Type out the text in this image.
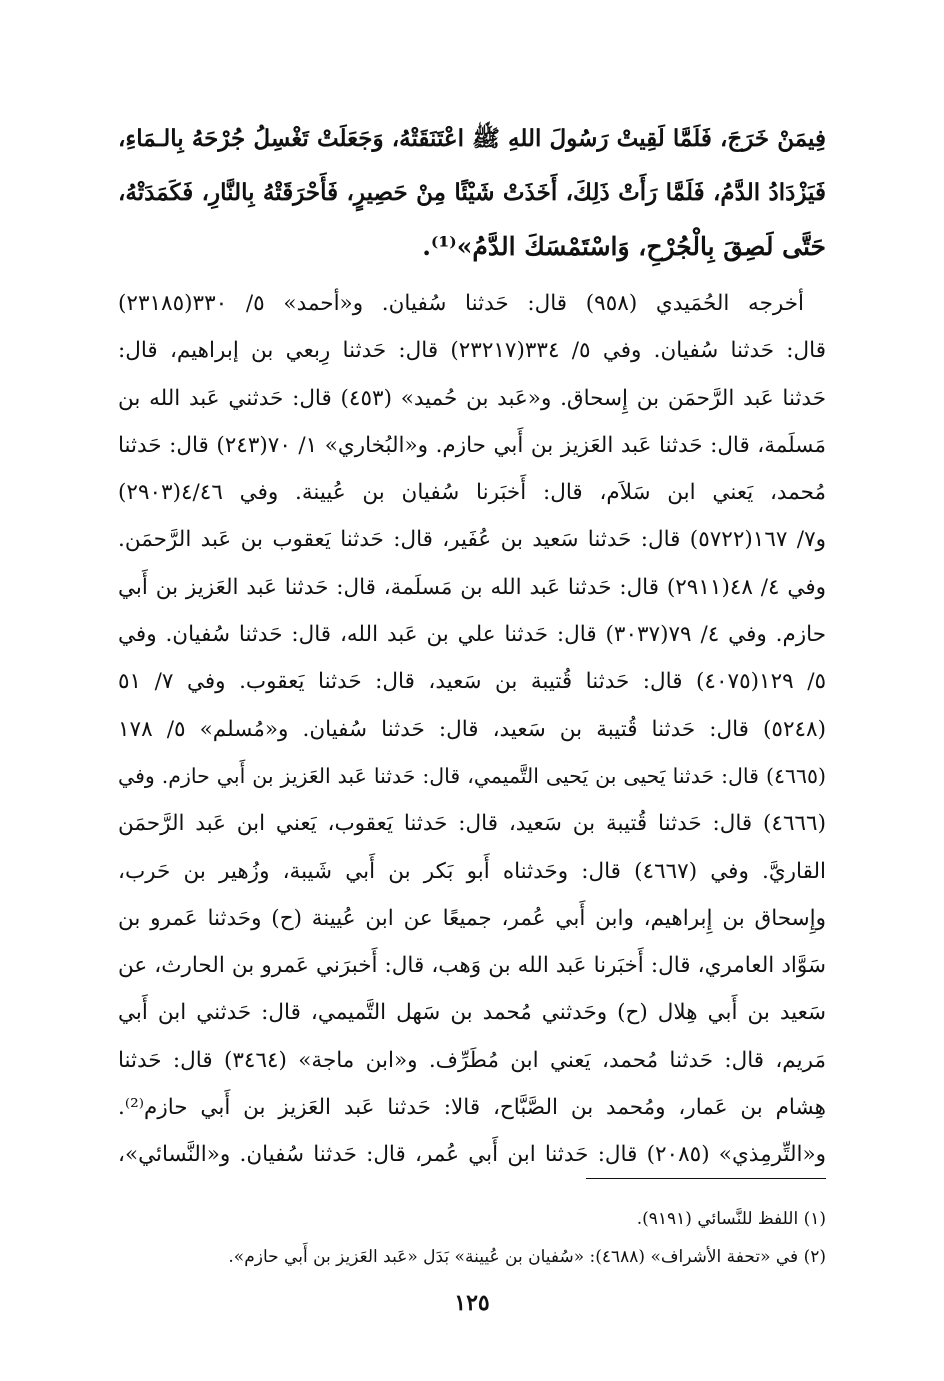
فِيمَنْ خَرَجَ، فَلَمَّا لَقِيتْ رَسُولَ اللهِ ﷺ اعْتَنَقَتْهُ، وَجَعَلَتْ تَغْسِلُ جُرْحَهُ بِالـمَاءِ،
فَيَزْدَادُ الدَّمُ، فَلَمَّا رَأَتْ ذَلِكَ، أَخَذَتْ شَيْئًا مِنْ حَصِيرٍ، فَأَحْرَقَتْهُ بِالنَّارِ، فَكَمَدَتْهُ،
حَتَّى لَصِقَ بِالْجُرْحِ، وَاسْتَمْسَكَ الدَّمُ»⁽¹⁾.
أخرجه الحُمَيدي (٩٥٨) قال: حَدثنا سُفيان. و«أحمد» ٥/ ٣٣٠(٢٣١٨٥)
قال: حَدثنا سُفيان. وفي ٥/ ٣٣٤(٢٣٢١٧) قال: حَدثنا رِبعي بن إبراهيم، قال:
حَدثنا عَبد الرَّحمَن بن إِسحاق. و«عَبد بن حُميد» (٤٥٣) قال: حَدثني عَبد الله بن
مَسلَمة، قال: حَدثنا عَبد العَزيز بن أَبي حازم. و«البُخاري» ١/ ٧٠(٢٤٣) قال: حَدثنا
مُحمد، يَعني ابن سَلاَم، قال: أَخبَرنا سُفيان بن عُيينة. وفي ٤/٤٦(٢٩٠٣)
و٧/ ١٦٧(٥٧٢٢) قال: حَدثنا سَعيد بن عُفَير، قال: حَدثنا يَعقوب بن عَبد الرَّحمَن.
وفي ٤/ ٤٨(٢٩١١) قال: حَدثنا عَبد الله بن مَسلَمة، قال: حَدثنا عَبد العَزيز بن أَبي
حازم. وفي ٤/ ٧٩(٣٠٣٧) قال: حَدثنا علي بن عَبد الله، قال: حَدثنا سُفيان. وفي
٥/ ١٢٩(٤٠٧٥) قال: حَدثنا قُتيبة بن سَعيد، قال: حَدثنا يَعقوب. وفي ٧/ ٥١
(٥٢٤٨) قال: حَدثنا قُتيبة بن سَعيد، قال: حَدثنا سُفيان. و«مُسلم» ٥/ ١٧٨
(٤٦٦٥) قال: حَدثنا يَحيى بن يَحيى التَّميمي، قال: حَدثنا عَبد العَزيز بن أَبي حازم. وفي
(٤٦٦٦) قال: حَدثنا قُتيبة بن سَعيد، قال: حَدثنا يَعقوب، يَعني ابن عَبد الرَّحمَن
القاريَّ. وفي (٤٦٦٧) قال: وحَدثناه أَبو بَكر بن أَبي شَيبة، وزُهير بن حَرب،
وإِسحاق بن إِبراهيم، وابن أَبي عُمر، جميعًا عن ابن عُيينة (ح) وحَدثنا عَمرو بن
سَوَّاد العامري، قال: أَخبَرنا عَبد الله بن وَهب، قال: أَخبرَني عَمرو بن الحارث، عن
سَعيد بن أَبي هِلال (ح) وحَدثني مُحمد بن سَهل التَّميمي، قال: حَدثني ابن أَبي
مَريم، قال: حَدثنا مُحمد، يَعني ابن مُطَرِّف. و«ابن ماجة» (٣٤٦٤) قال: حَدثنا
هِشام بن عَمار، ومُحمد بن الصَّبَّاح، قالا: حَدثنا عَبد العَزيز بن أَبي حازم⁽²⁾.
و«التِّرمِذي» (٢٠٨٥) قال: حَدثنا ابن أَبي عُمر، قال: حَدثنا سُفيان. و«النَّسائي»،
(١) اللفظ للنَّسائي (٩١٩١).
(٢) في «تحفة الأشراف» (٤٦٨٨): «سُفيان بن عُيينة» بَدَل «عَبد العَزيز بن أَبي حازم».
١٢٥
